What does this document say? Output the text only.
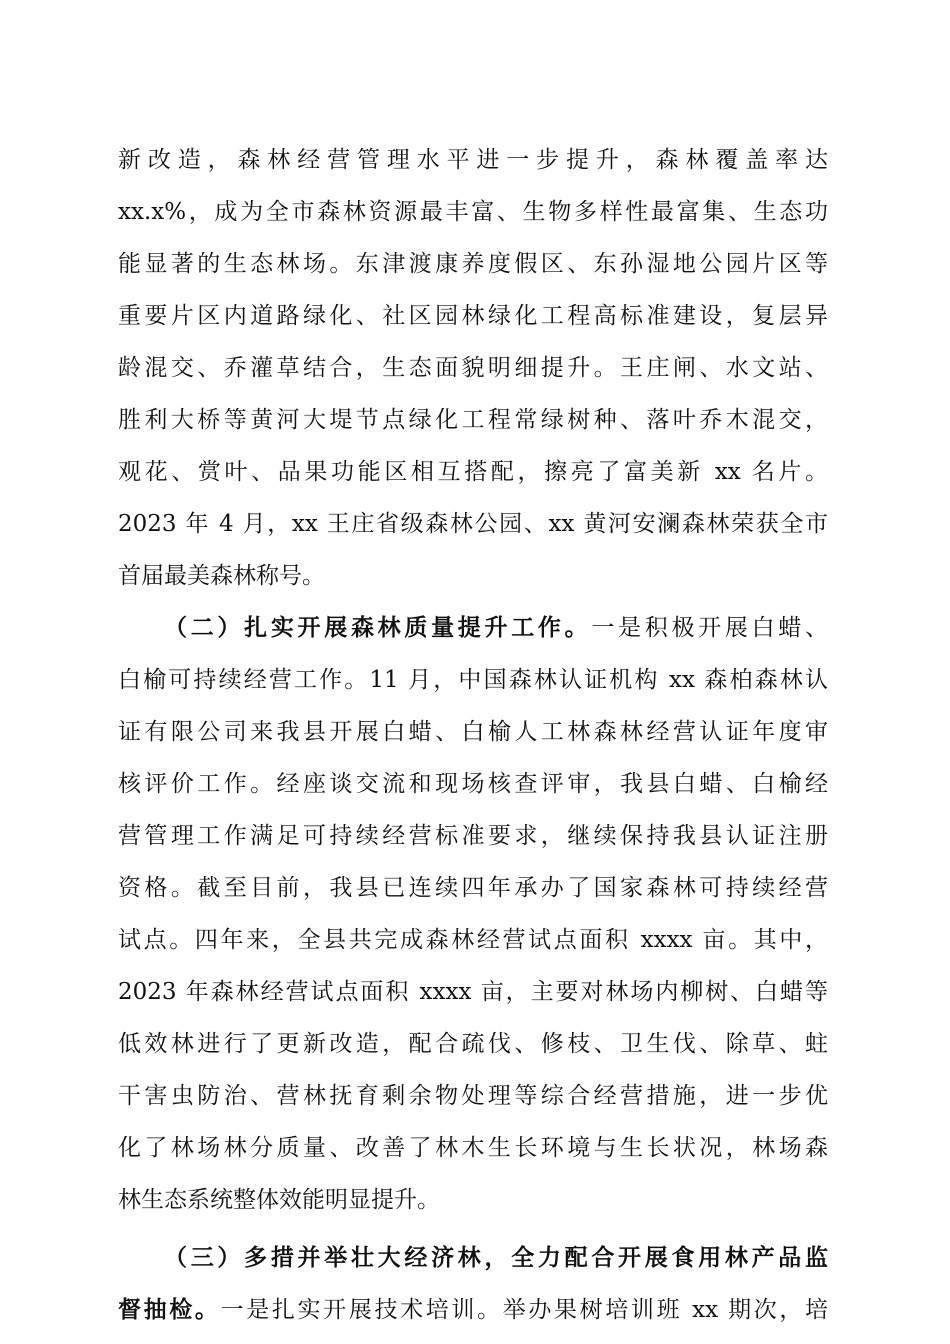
新改造，森林经营管理水平进一步提升，森林覆盖率达
xx.x%，成为全市森林资源最丰富、生物多样性最富集、生态功
能显著的生态林场。东津渡康养度假区、东孙湿地公园片区等
重要片区内道路绿化、社区园林绿化工程高标准建设，复层异
龄混交、乔灌草结合，生态面貌明细提升。王庄闸、水文站、
胜利大桥等黄河大堤节点绿化工程常绿树种、落叶乔木混交，
观花、赏叶、品果功能区相互搭配，擦亮了富美新 xx 名片。
2023 年 4 月，xx 王庄省级森林公园、xx 黄河安澜森林荣获全市
首届最美森林称号。
（二）扎实开展森林质量提升工作。一是积极开展白蜡、
白榆可持续经营工作。11 月，中国森林认证机构 xx 森柏森林认
证有限公司来我县开展白蜡、白榆人工林森林经营认证年度审
核评价工作。经座谈交流和现场核查评审，我县白蜡、白榆经
营管理工作满足可持续经营标准要求，继续保持我县认证注册
资格。截至目前，我县已连续四年承办了国家森林可持续经营
试点。四年来，全县共完成森林经营试点面积 xxxx 亩。其中，
2023 年森林经营试点面积 xxxx 亩，主要对林场内柳树、白蜡等
低效林进行了更新改造，配合疏伐、修枝、卫生伐、除草、蛀
干害虫防治、营林抚育剩余物处理等综合经营措施，进一步优
化了林场林分质量、改善了林木生长环境与生长状况，林场森
林生态系统整体效能明显提升。
（三）多措并举壮大经济林，全力配合开展食用林产品监
督抽检。一是扎实开展技术培训。举办果树培训班 xx 期次，培
